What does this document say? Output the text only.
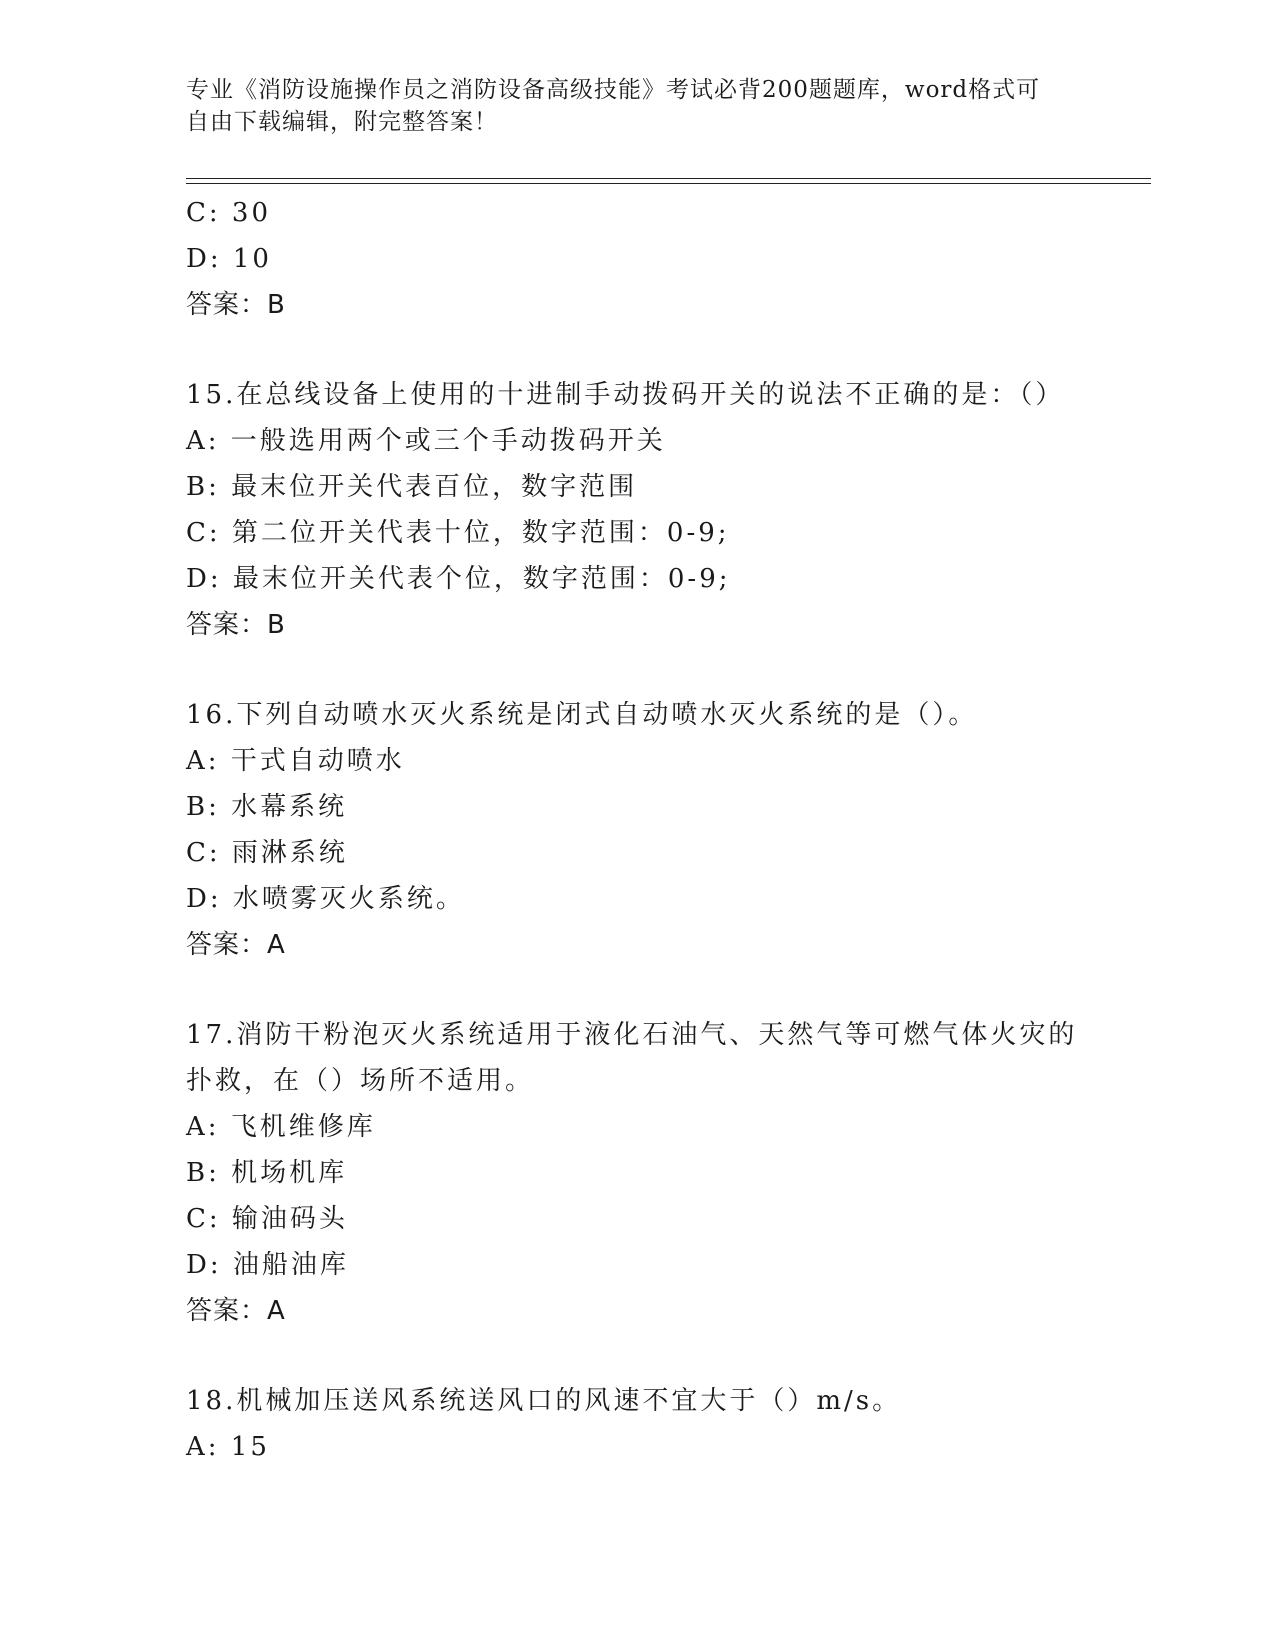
专业《消防设施操作员之消防设备高级技能》考试必背200题题库，word格式可
自由下载编辑，附完整答案！
C: 30
D: 10
答案：B
15.在总线设备上使用的十进制手动拨码开关的说法不正确的是：（）
A: 一般选用两个或三个手动拨码开关
B: 最末位开关代表百位，数字范围
C: 第二位开关代表十位，数字范围：0-9;
D: 最末位开关代表个位，数字范围：0-9;
答案：B
16.下列自动喷水灭火系统是闭式自动喷水灭火系统的是（）。
A: 干式自动喷水
B: 水幕系统
C: 雨淋系统
D: 水喷雾灭火系统。
答案：A
17.消防干粉泡灭火系统适用于液化石油气、天然气等可燃气体火灾的
扑救，在（）场所不适用。
A: 飞机维修库
B: 机场机库
C: 输油码头
D: 油船油库
答案：A
18.机械加压送风系统送风口的风速不宜大于（）m/s。
A: 15
